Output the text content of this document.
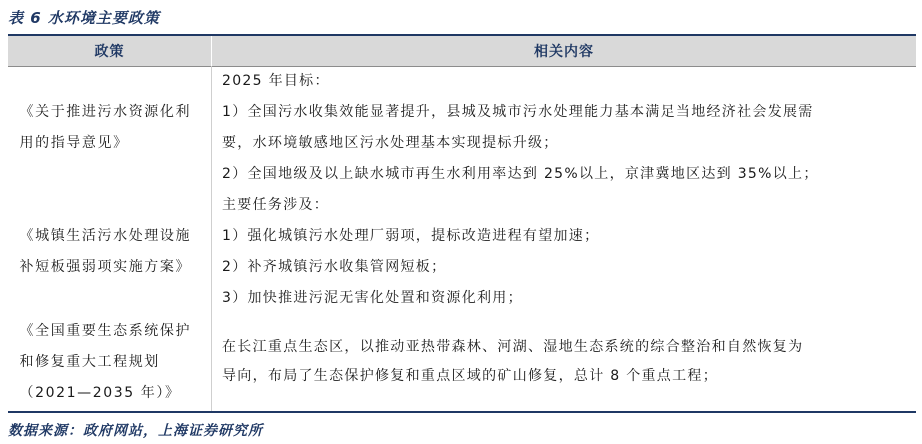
表 6 水环境主要政策
政策	相关内容
《关于推进污水资源化利用的指导意见》
2025 年目标：
1）全国污水收集效能显著提升，县城及城市污水处理能力基本满足当地经济社会发展需
要，水环境敏感地区污水处理基本实现提标升级；
2）全国地级及以上缺水城市再生水利用率达到 25%以上，京津冀地区达到 35%以上；
《城镇生活污水处理设施补短板强弱项实施方案》
主要任务涉及：
1）强化城镇污水处理厂弱项，提标改造进程有望加速；
2）补齐城镇污水收集管网短板；
3）加快推进污泥无害化处置和资源化利用；
《全国重要生态系统保护和修复重大工程规划（2021—2035 年）》
在长江重点生态区，以推动亚热带森林、河湖、湿地生态系统的综合整治和自然恢复为
导向，布局了生态保护修复和重点区域的矿山修复，总计 8 个重点工程；
数据来源：政府网站，上海证券研究所
